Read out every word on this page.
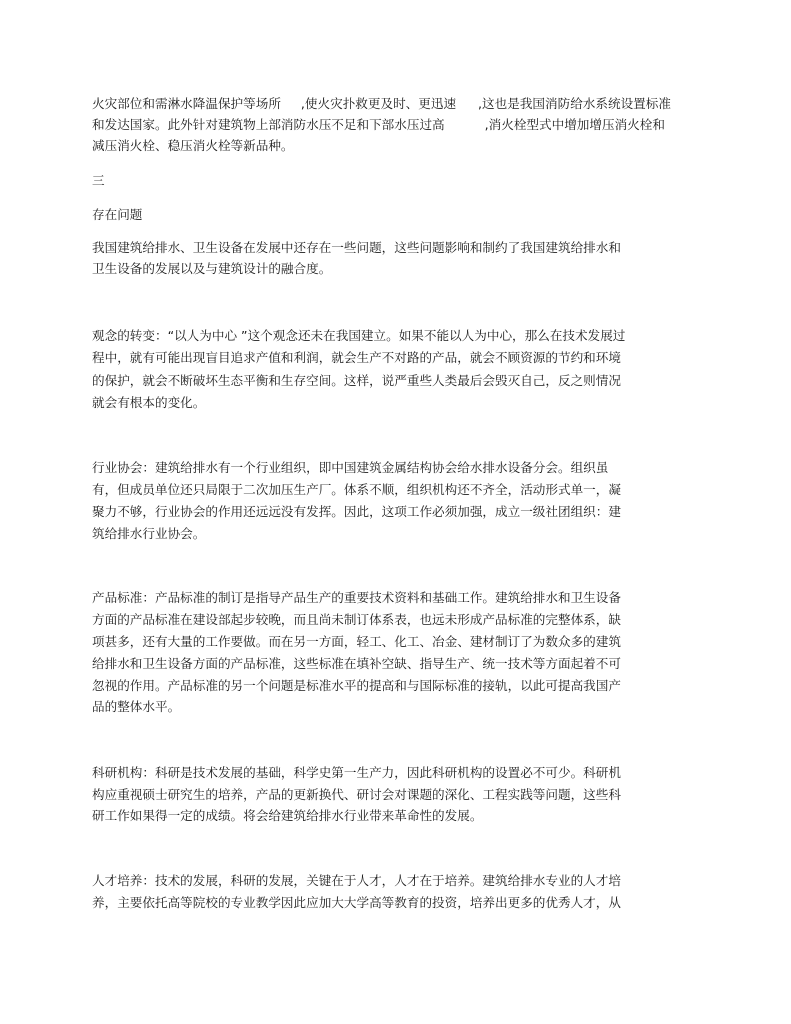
火灾部位和需淋水降温保护等场所 ,使火灾扑救更及时、更迅速 ,这也是我国消防给水系统设置标准
和发达国家。此外针对建筑物上部消防水压不足和下部水压过高	,消火栓型式中增加增压消火栓和
减压消火栓、稳压消火栓等新品种。
三
存在问题
我国建筑给排水、卫生设备在发展中还存在一些问题，这些问题影响和制约了我国建筑给排水和
卫生设备的发展以及与建筑设计的融合度。
观念的转变：“以人为中心 ”这个观念还未在我国建立。如果不能以人为中心，那么在技术发展过
程中，就有可能出现盲目追求产值和利润，就会生产不对路的产品，就会不顾资源的节约和环境
的保护，就会不断破坏生态平衡和生存空间。这样，说严重些人类最后会毁灭自己，反之则情况
就会有根本的变化。
行业协会：建筑给排水有一个行业组织，即中国建筑金属结构协会给水排水设备分会。组织虽
有，但成员单位还只局限于二次加压生产厂。体系不顺，组织机构还不齐全，活动形式单一，凝
聚力不够，行业协会的作用还远远没有发挥。因此，这项工作必须加强，成立一级社团组织：建
筑给排水行业协会。
产品标准：产品标准的制订是指导产品生产的重要技术资料和基础工作。建筑给排水和卫生设备
方面的产品标准在建设部起步较晚，而且尚未制订体系表，也远未形成产品标准的完整体系，缺
项甚多，还有大量的工作要做。而在另一方面，轻工、化工、冶金、建材制订了为数众多的建筑
给排水和卫生设备方面的产品标准，这些标准在填补空缺、指导生产、统一技术等方面起着不可
忽视的作用。产品标准的另一个问题是标准水平的提高和与国际标准的接轨，以此可提高我国产
品的整体水平。
科研机构：科研是技术发展的基础，科学史第一生产力，因此科研机构的设置必不可少。科研机
构应重视硕士研究生的培养，产品的更新换代、研讨会对课题的深化、工程实践等问题，这些科
研工作如果得一定的成绩。将会给建筑给排水行业带来革命性的发展。
人才培养：技术的发展，科研的发展，关键在于人才，人才在于培养。建筑给排水专业的人才培
养，主要依托高等院校的专业教学因此应加大大学高等教育的投资，培养出更多的优秀人才，从
